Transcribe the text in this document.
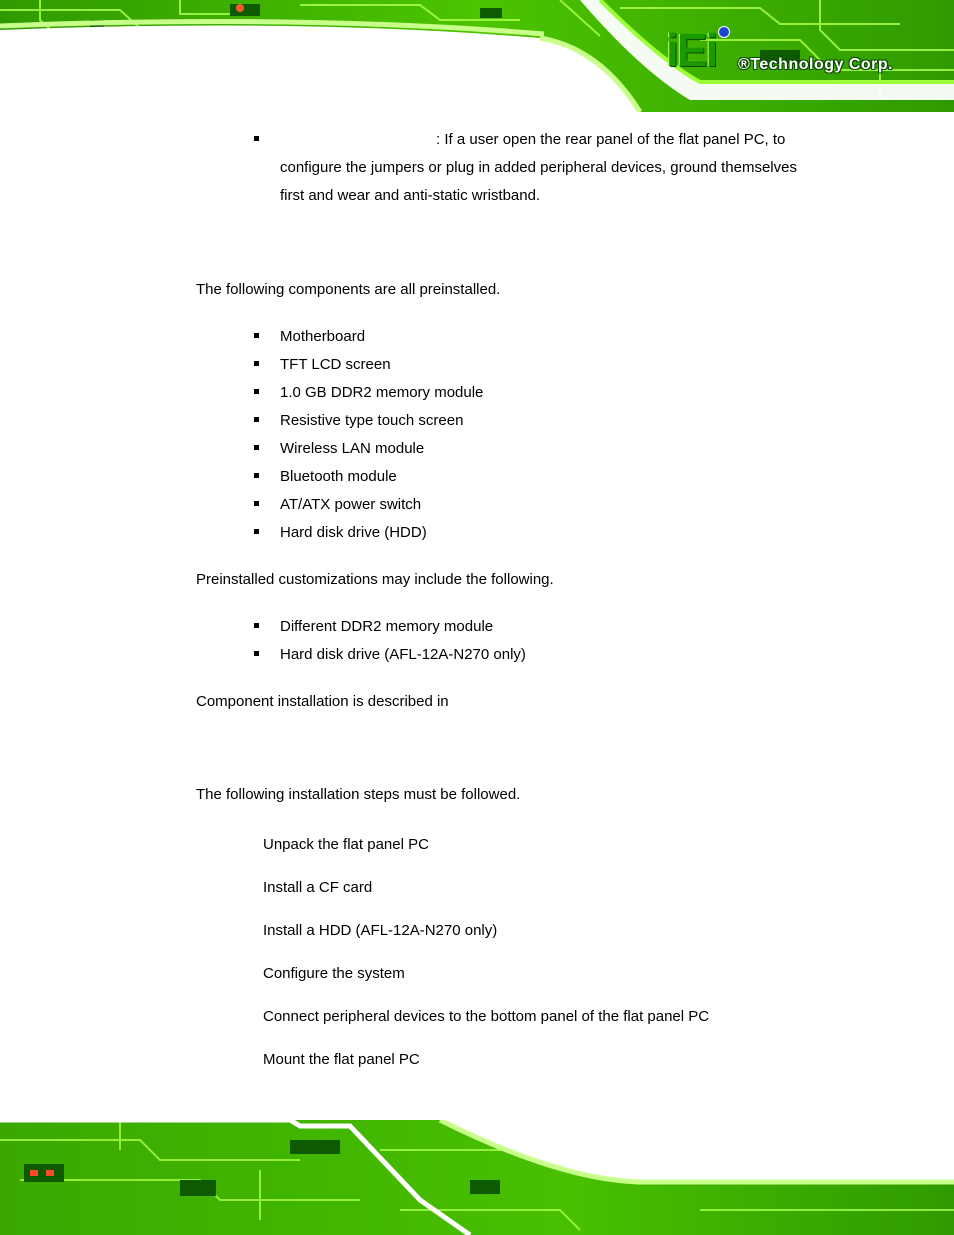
iEi	®Technology Corp.
: If a user open the rear panel of the flat panel PC, to
configure the jumpers or plug in added peripheral devices, ground themselves
first and wear and anti-static wristband.
The following components are all preinstalled.
Motherboard
TFT LCD screen
1.0 GB DDR2 memory module
Resistive type touch screen
Wireless LAN module
Bluetooth module
AT/ATX power switch
Hard disk drive (HDD)
Preinstalled customizations may include the following.
Different DDR2 memory module
Hard disk drive (AFL-12A-N270 only)
Component installation is described in
The following installation steps must be followed.
Unpack the flat panel PC
Install a CF card
Install a HDD (AFL-12A-N270 only)
Configure the system
Connect peripheral devices to the bottom panel of the flat panel PC
Mount the flat panel PC
